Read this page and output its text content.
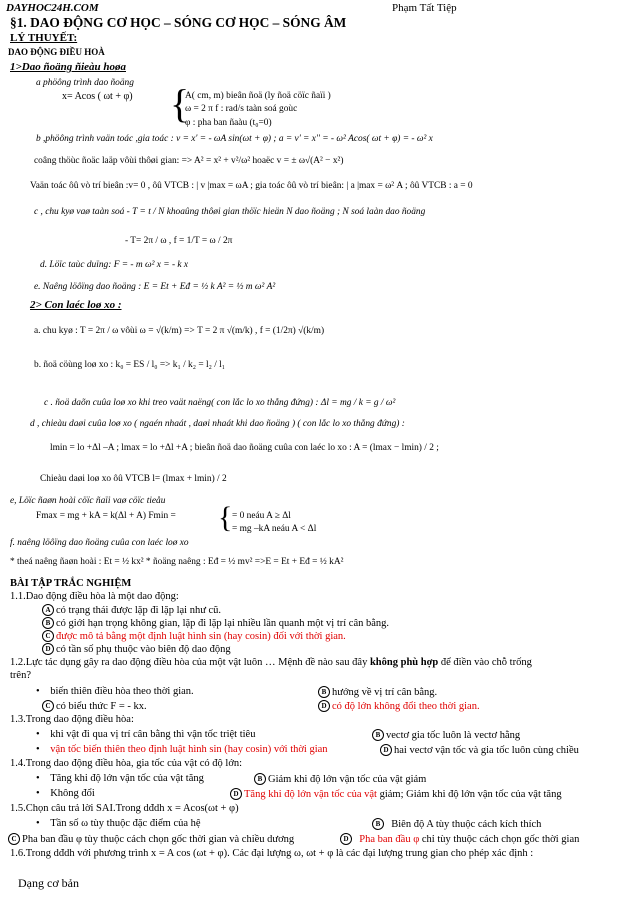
DAYHOC24H.COM	Phạm Tất Tiệp
§1. DAO ĐỘNG CƠ HỌC – SÓNG CƠ HỌC – SÓNG ÂM
LÝ THUYẾT:
DAO ĐỘNG ĐIỀU HOÀ
1>Dao ñoäng ñieàu hoøa
a phöông trình dao ñoäng
x= Acos ( ωt + φ) {
A( cm, m) bieân ñoä (ly ñoä cöïc ñaïi )
ω = 2 π f : rad/s taàn soá goùc
φ : pha ban ñaàu (t₀=0)
b ,phöông trình vaän toác ,gia toác : v = x' = - ωA sin(ωt + φ) ; a = v' = x'' = - ω² Acos( ωt + φ) = - ω² x
coâng thöùc ñoäc laäp vôùi thôøi gian: => A² = x² + v²/ω² hoaëc v = ± ω√(A² − x²)
Vaän toác ôû vò trí bieân :v= 0 , ôû VTCB : | v |max = ωA ; gia toác ôû vò trí bieân: | a |max = ω² A ; ôû VTCB : a = 0
c , chu kyø vaø taàn soá - T = t / N khoaûng thôøi gian thöïc hieän N dao ñoäng ; N soá laàn dao ñoäng
- T= 2π / ω , f = 1/T = ω / 2π
d. Löïc taùc duïng: F = - m ω² x = - k x
e. Naêng löôïng dao ñoäng : E = Et + Eđ = ½ k A² = ½ m ω² A²
2> Con laéc loø xo :
a. chu kyø : T = 2π / ω vôùi ω = √(k/m) => T = 2 π √(m/k) , f = (1/2π) √(k/m)
b. ñoä cöùng loø xo : k₀ = ES / l₀ => k₁ / k₂ = l₂ / l₁
c . ñoä daõn cuûa loø xo khi treo vaät naëng( con lắc lo xo thẳng đứng) : Δl = mg / k = g / ω²
d , chieàu daøi cuûa loø xo ( ngaén nhaát , daøi nhaát khi dao ñoäng ) ( con lắc lo xo thẳng đứng) :
lmin = lo +Δl –A ; lmax = lo +Δl +A ; bieân ñoä dao ñoäng cuûa con laéc lo xo : A = (lmax − lmin) / 2 ;
Chieàu daøi loø xo ôû VTCB l= (lmax + lmin) / 2
e, Löïc ñaøn hoài cöïc ñaïi vaø cöïc tieåu
Fmax = mg + kA = k(Δl + A) Fmin = { = 0 neáu A ≥ Δl
= mg –kA neáu A < Δl
f. naêng löôïng dao ñoäng cuûa con laéc loø xo
* theá naêng ñaøn hoài : Et = ½ kx² * ñoäng naêng : Eđ = ½ mv² =>E = Et + Eđ = ½ kA²
BÀI TẬP TRẮC NGHIỆM
1.1.Dao động điều hòa là một dao động:
A có trạng thái được lặp đi lặp lại như cũ.
B có giới hạn trọng không gian, lặp đi lặp lại nhiều lần quanh một vị trí cân bằng.
C được mô tả bằng một định luật hình sin (hay cosin) đối với thời gian.
D có tần số phụ thuộc vào biên độ dao động
1.2.Lực tác dụng gây ra dao động điều hòa của một vật luôn … Mệnh đề nào sau đây không phù hợp để điền vào chỗ trống
trên?
•    biến thiên điều hòa theo thời gian.	B hướng về vị trí cân bằng.
C có biểu thức F = - kx.	D có độ lớn không đổi theo thời gian.
1.3.Trong dao động điều hòa:
•    khi vật đi qua vị trí cân bằng thì vận tốc triệt tiêu	B vectơ gia tốc luôn là vectơ hằng
•    vận tốc biến thiên theo định luật hình sin (hay cosin) với thời gian	D hai vectơ vận tốc và gia tốc luôn cùng chiều
1.4.Trong dao động điều hòa, gia tốc của vật có độ lớn:
•    Tăng khi độ lớn vận tốc của vật tăng	B Giảm khi độ lớn vận tốc của vật giảm
•    Không đổi	D Tăng khi độ lớn vận tốc của vật giảm; Giảm khi độ lớn vận tốc của vật tăng
1.5.Chọn câu trả lời SAI.Trong dđdh x = Acos(ωt + φ)
•    Tần số ω tùy thuộc đặc điểm của hệ	B Biên độ A tùy thuộc cách kích thích
C Pha ban đầu φ tùy thuộc cách chọn gốc thời gian và chiều dương	D Pha ban đầu φ chỉ tùy thuộc cách chọn gốc thời gian
1.6.Trong dđdh với phương trình x = A cos (ωt + φ). Các đại lượng ω, ωt + φ là các đại lượng trung gian cho phép xác định :
Dạng cơ bản
